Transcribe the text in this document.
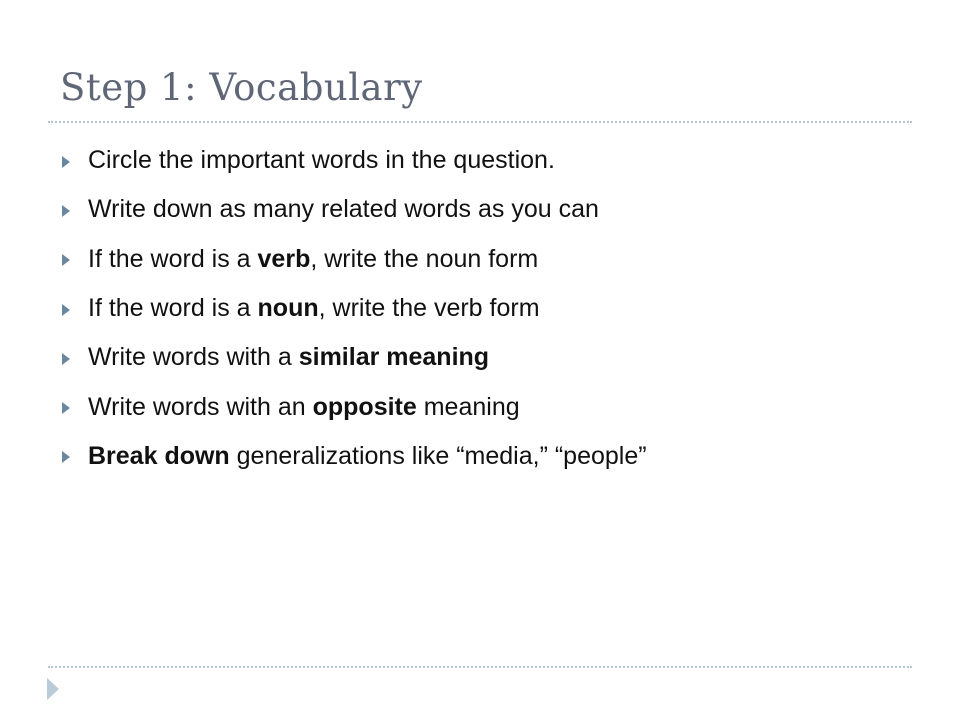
Step 1: Vocabulary
Circle the important words in the question.
Write down as many related words as you can
If the word is a verb, write the noun form
If the word is a noun, write the verb form
Write words with a similar meaning
Write words with an opposite meaning
Break down generalizations like “media,” “people”
